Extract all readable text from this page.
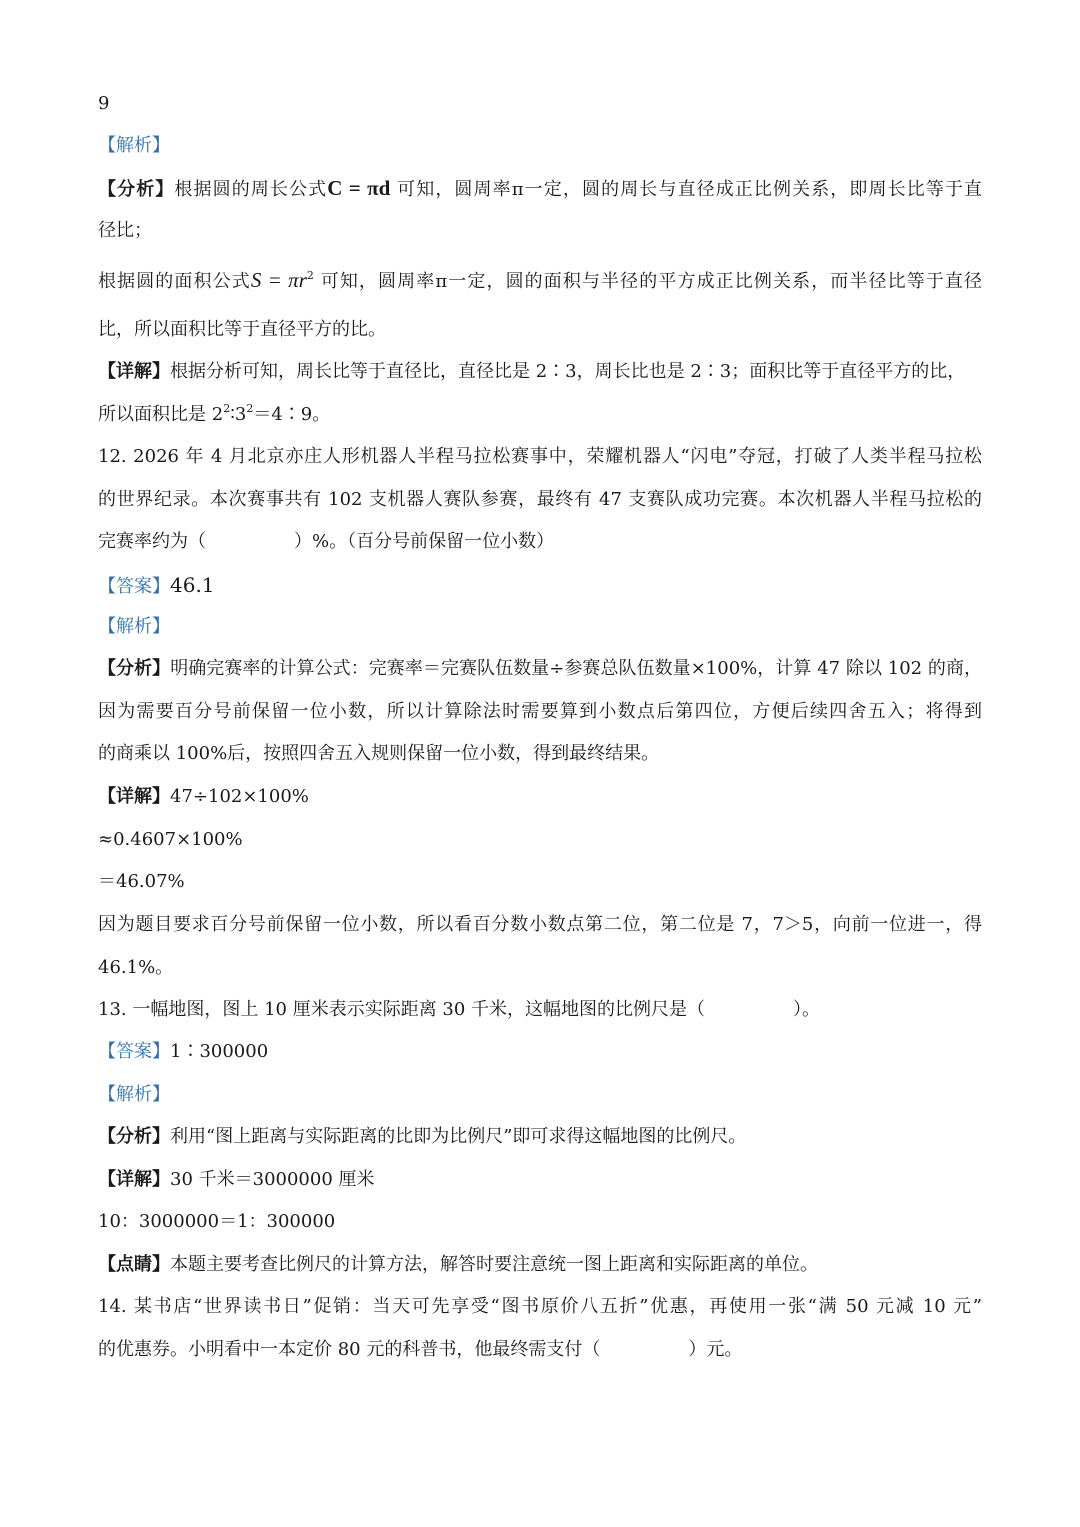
9
【解析】
【分析】根据圆的周长公式C = πd 可知，圆周率π一定，圆的周长与直径成正比例关系，即周长比等于直
径比；
根据圆的面积公式$S = \pi r^2$ 可知，圆周率π一定，圆的面积与半径的平方成正比例关系，而半径比等于直径
比，所以面积比等于直径平方的比。
【详解】根据分析可知，周长比等于直径比，直径比是 2∶3，周长比也是 2∶3；面积比等于直径平方的比，
所以面积比是 $2^2∶3^2=4∶9$。
12. 2026 年 4 月北京亦庄人形机器人半程马拉松赛事中，荣耀机器人“闪电”夺冠，打破了人类半程马拉松
的世界纪录。本次赛事共有 102 支机器人赛队参赛，最终有 47 支赛队成功完赛。本次机器人半程马拉松的
完赛率约为（	）%。（百分号前保留一位小数）
【答案】46.1
【解析】
【分析】明确完赛率的计算公式：完赛率＝完赛队伍数量÷参赛总队伍数量×100%，计算 47 除以 102 的商，
因为需要百分号前保留一位小数，所以计算除法时需要算到小数点后第四位，方便后续四舍五入；将得到
的商乘以 100%后，按照四舍五入规则保留一位小数，得到最终结果。
【详解】47÷102×100%
≈0.4607×100%
＝46.07%
因为题目要求百分号前保留一位小数，所以看百分数小数点第二位，第二位是 7，7＞5，向前一位进一，得
46.1%。
13. 一幅地图，图上 10 厘米表示实际距离 30 千米，这幅地图的比例尺是（	）。
【答案】1∶300000
【解析】
【分析】利用“图上距离与实际距离的比即为比例尺”即可求得这幅地图的比例尺。
【详解】30 千米＝3000000 厘米
10：3000000＝1：300000
【点睛】本题主要考查比例尺的计算方法，解答时要注意统一图上距离和实际距离的单位。
14. 某书店“世界读书日”促销：当天可先享受“图书原价八五折”优惠，再使用一张“满 50 元减 10 元”
的优惠券。小明看中一本定价 80 元的科普书，他最终需支付（	）元。
